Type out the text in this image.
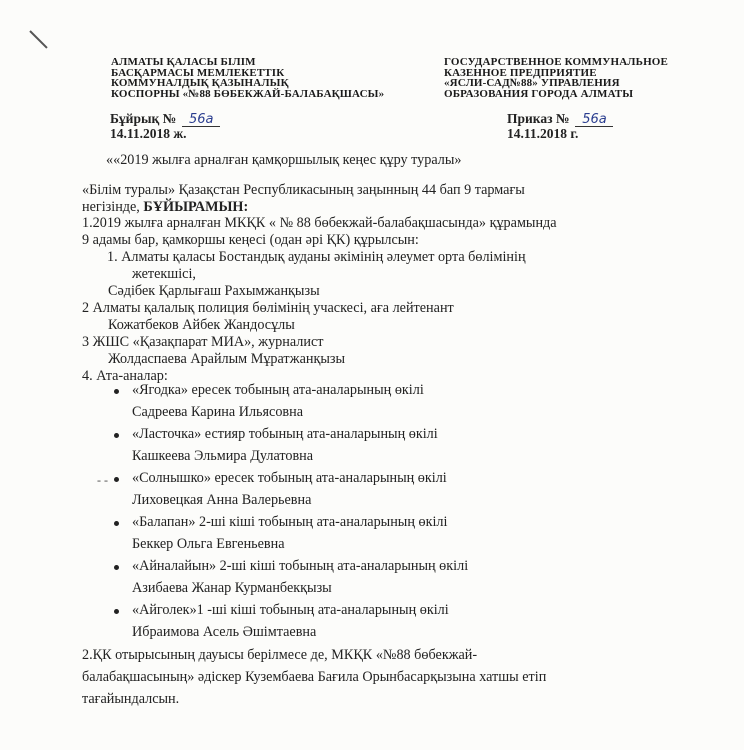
АЛМАТЫ ҚАЛАСЫ БІЛІМ
БАСҚАРМАСЫ МЕМЛЕКЕТТІК
КОММУНАЛДЫҚ ҚАЗЫНАЛЫҚ
КОСПОРНЫ «№88 БӨБЕКЖАЙ-БАЛАБАҚШАСЫ»
ГОСУДАРСТВЕННОЕ КОММУНАЛЬНОЕ
КАЗЕННОЕ ПРЕДПРИЯТИЕ
«ЯСЛИ-САД№88» УПРАВЛЕНИЯ
ОБРАЗОВАНИЯ ГОРОДА АЛМАТЫ
Бұйрық № 56а	Приказ № 56а
14.11.2018 ж.	14.11.2018 г.
««2019 жылға арналған қамқоршылық кеңес құру туралы»
«Білім туралы» Қазақстан Республикасының заңынның 44 бап 9 тармағы
негізінде, БҰЙЫРАМЫН:
1.2019 жылға арналған МКҚК « № 88 бөбекжай-балабақшасында» құрамында
9 адамы бар, қамкоршы кеңесі (одан әрі ҚК) құрылсын:
1. Алматы қаласы Бостандық ауданы әкімінің әлеумет орта бөлімінің
жетекшісі,
Сәдібек Қарлығаш Рахымжанқызы
2 Алматы қалалық полиция бөлімінің учаскесі, аға лейтенант
Кожатбеков Айбек Жандосұлы
3 ЖШС «Қазақпарат МИА», журналист
Жолдаспаева Арайлым Мұратжанқызы
4. Ата-аналар:
«Ягодка» ересек тобының ата-аналарының өкілі
Садреева Карина Ильясовна
«Ласточка» естияр тобының ата-аналарының өкілі
Кашкеева Эльмира Дулатовна
- - «Солнышко» ересек тобының ата-аналарының өкілі
Лиховецкая Анна Валерьевна
«Балапан» 2-ші кіші тобының ата-аналарының өкілі
Беккер Ольга Евгеньевна
«Айналайын» 2-ші кіші тобының ата-аналарының өкілі
Азибаева Жанар Курманбекқызы
«Айголек»1 -ші кіші тобының ата-аналарының өкілі
Ибраимова Асель Әшімтаевна
2.ҚК отырысының дауысы берілмесе де, МКҚК «№88 бөбекжай-
балабақшасының» әдіскер Кузембаева Бағила Орынбасарқызына хатшы етіп
тағайындалсын.
